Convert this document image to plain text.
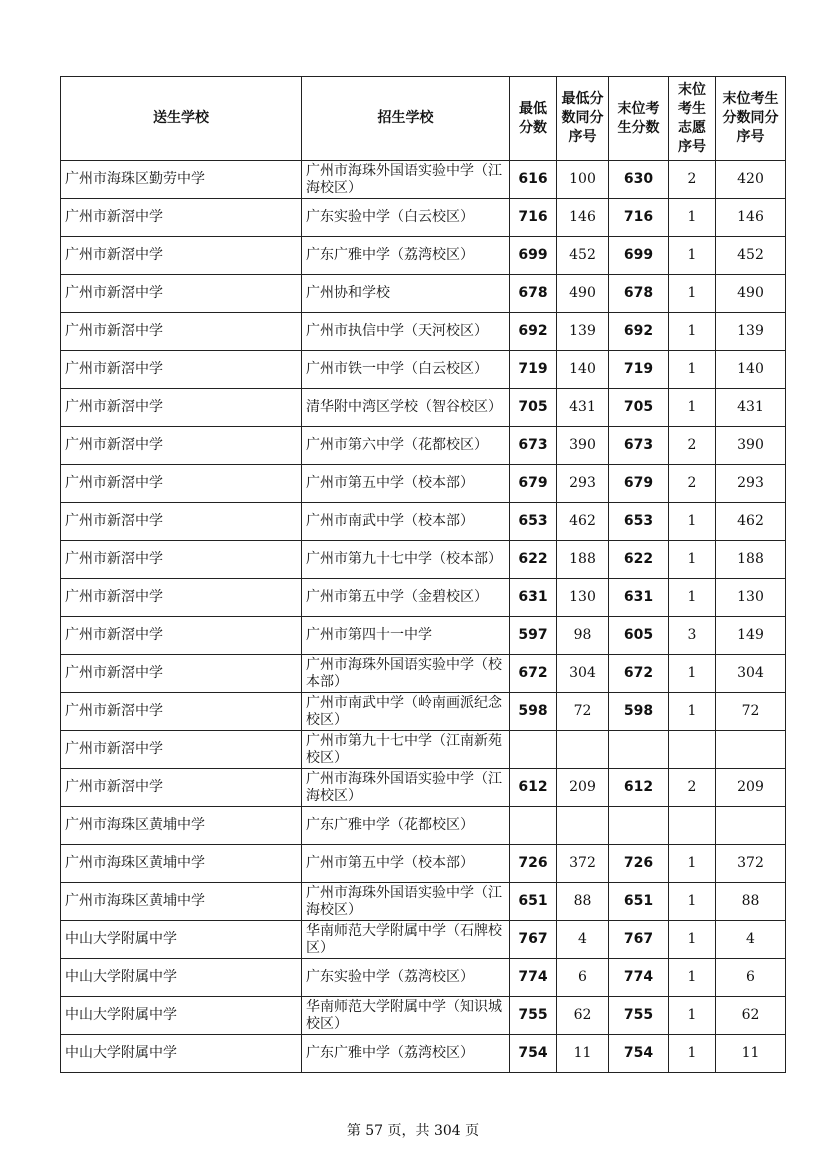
送生学校	招生学校	最低分数	最低分数同分序号	末位考生分数	末位考生志愿序号	末位考生分数同分序号
广州市海珠区勤劳中学	广州市海珠外国语实验中学（江海校区）	616	100	630	2	420
广州市新滘中学	广东实验中学（白云校区）	716	146	716	1	146
广州市新滘中学	广东广雅中学（荔湾校区）	699	452	699	1	452
广州市新滘中学	广州协和学校	678	490	678	1	490
广州市新滘中学	广州市执信中学（天河校区）	692	139	692	1	139
广州市新滘中学	广州市铁一中学（白云校区）	719	140	719	1	140
广州市新滘中学	清华附中湾区学校（智谷校区）	705	431	705	1	431
广州市新滘中学	广州市第六中学（花都校区）	673	390	673	2	390
广州市新滘中学	广州市第五中学（校本部）	679	293	679	2	293
广州市新滘中学	广州市南武中学（校本部）	653	462	653	1	462
广州市新滘中学	广州市第九十七中学（校本部）	622	188	622	1	188
广州市新滘中学	广州市第五中学（金碧校区）	631	130	631	1	130
广州市新滘中学	广州市第四十一中学	597	98	605	3	149
广州市新滘中学	广州市海珠外国语实验中学（校本部）	672	304	672	1	304
广州市新滘中学	广州市南武中学（岭南画派纪念校区）	598	72	598	1	72
广州市新滘中学	广州市第九十七中学（江南新苑校区）					
广州市新滘中学	广州市海珠外国语实验中学（江海校区）	612	209	612	2	209
广州市海珠区黄埔中学	广东广雅中学（花都校区）					
广州市海珠区黄埔中学	广州市第五中学（校本部）	726	372	726	1	372
广州市海珠区黄埔中学	广州市海珠外国语实验中学（江海校区）	651	88	651	1	88
中山大学附属中学	华南师范大学附属中学（石牌校区）	767	4	767	1	4
中山大学附属中学	广东实验中学（荔湾校区）	774	6	774	1	6
中山大学附属中学	华南师范大学附属中学（知识城校区）	755	62	755	1	62
中山大学附属中学	广东广雅中学（荔湾校区）	754	11	754	1	11
第 57 页，共 304 页
